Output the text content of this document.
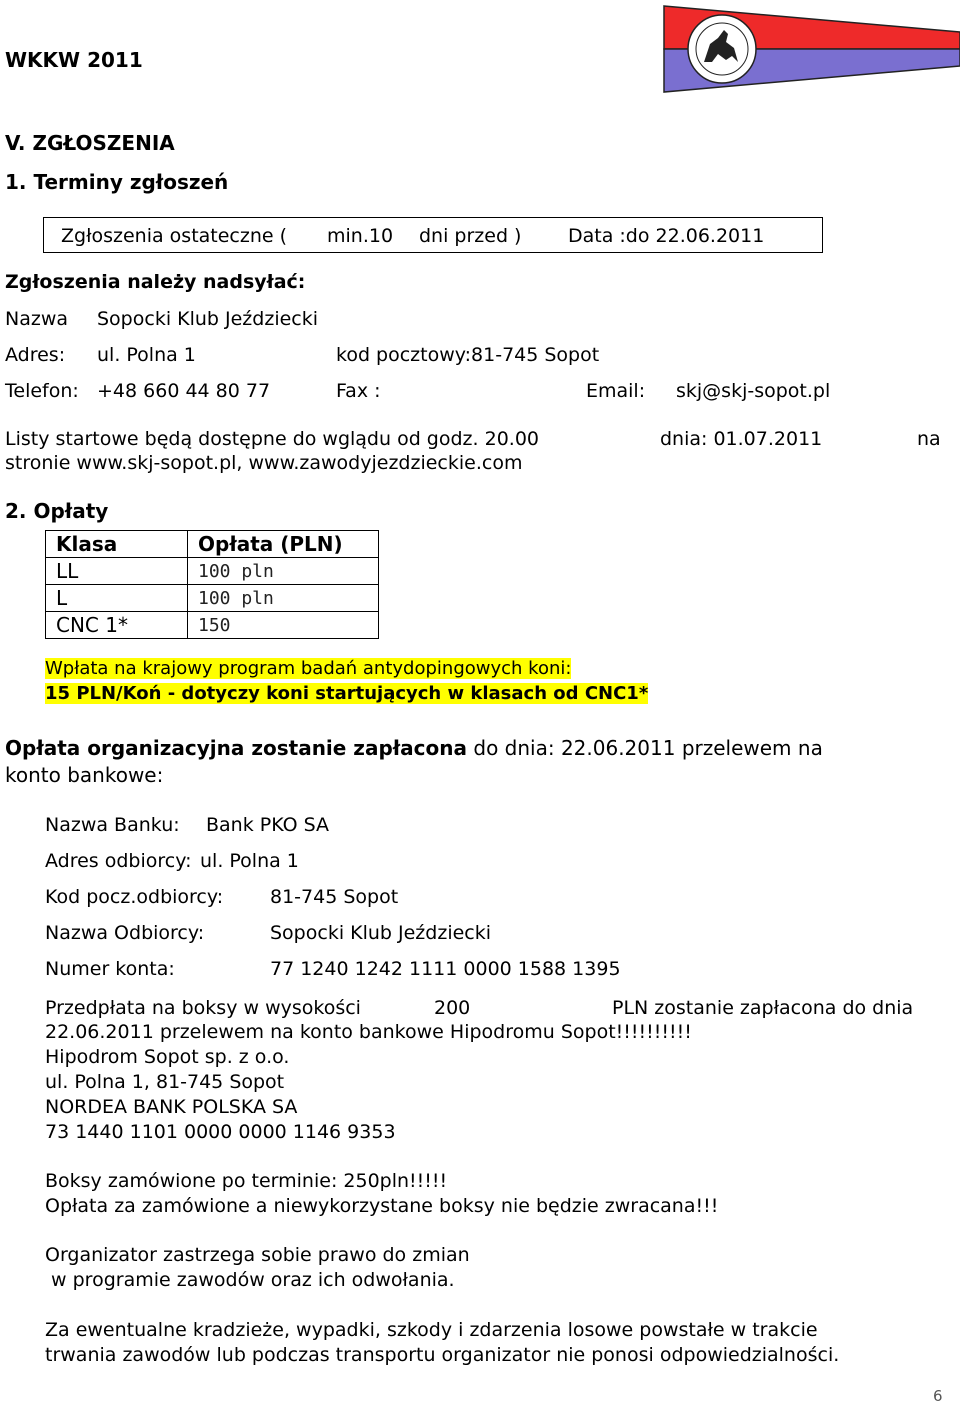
WKKW 2011
V. ZGŁOSZENIA
1. Terminy zgłoszeń
Zgłoszenia ostateczne ( min.10 dni przed ) Data :do 22.06.2011
Zgłoszenia należy nadsyłać:
Nazwa Sopocki Klub Jeździecki
Adres: ul. Polna 1	kod pocztowy:81-745 Sopot
Telefon: +48 660 44 80 77	Fax :	Email: skj@skj-sopot.pl
Listy startowe będą dostępne do wglądu od godz. 20.00	dnia: 01.07.2011	na
stronie www.skj-sopot.pl, www.zawodyjezdzieckie.com
2. Opłaty
Klasa	Opłata (PLN)
LL	100 pln
L	100 pln
CNC 1*	150
Wpłata na krajowy program badań antydopingowych koni:
15 PLN/Koń - dotyczy koni startujących w klasach od CNC1*
Opłata organizacyjna zostanie zapłacona do dnia: 22.06.2011 przelewem na
konto bankowe:
Nazwa Banku: Bank PKO SA
Adres odbiorcy: ul. Polna 1
Kod pocz.odbiorcy: 81-745 Sopot
Nazwa Odbiorcy:	Sopocki Klub Jeździecki
Numer konta:	77 1240 1242 1111 0000 1588 1395
Przedpłata na boksy w wysokości	200	PLN zostanie zapłacona do dnia
22.06.2011 przelewem na konto bankowe Hipodromu Sopot!!!!!!!!!!
Hipodrom Sopot sp. z o.o.
ul. Polna 1, 81-745 Sopot
NORDEA BANK POLSKA SA
73 1440 1101 0000 0000 1146 9353
Boksy zamówione po terminie: 250pln!!!!!
Opłata za zamówione a niewykorzystane boksy nie będzie zwracana!!!
Organizator zastrzega sobie prawo do zmian
w programie zawodów oraz ich odwołania.
Za ewentualne kradzieże, wypadki, szkody i zdarzenia losowe powstałe w trakcie
trwania zawodów lub podczas transportu organizator nie ponosi odpowiedzialności.
6
